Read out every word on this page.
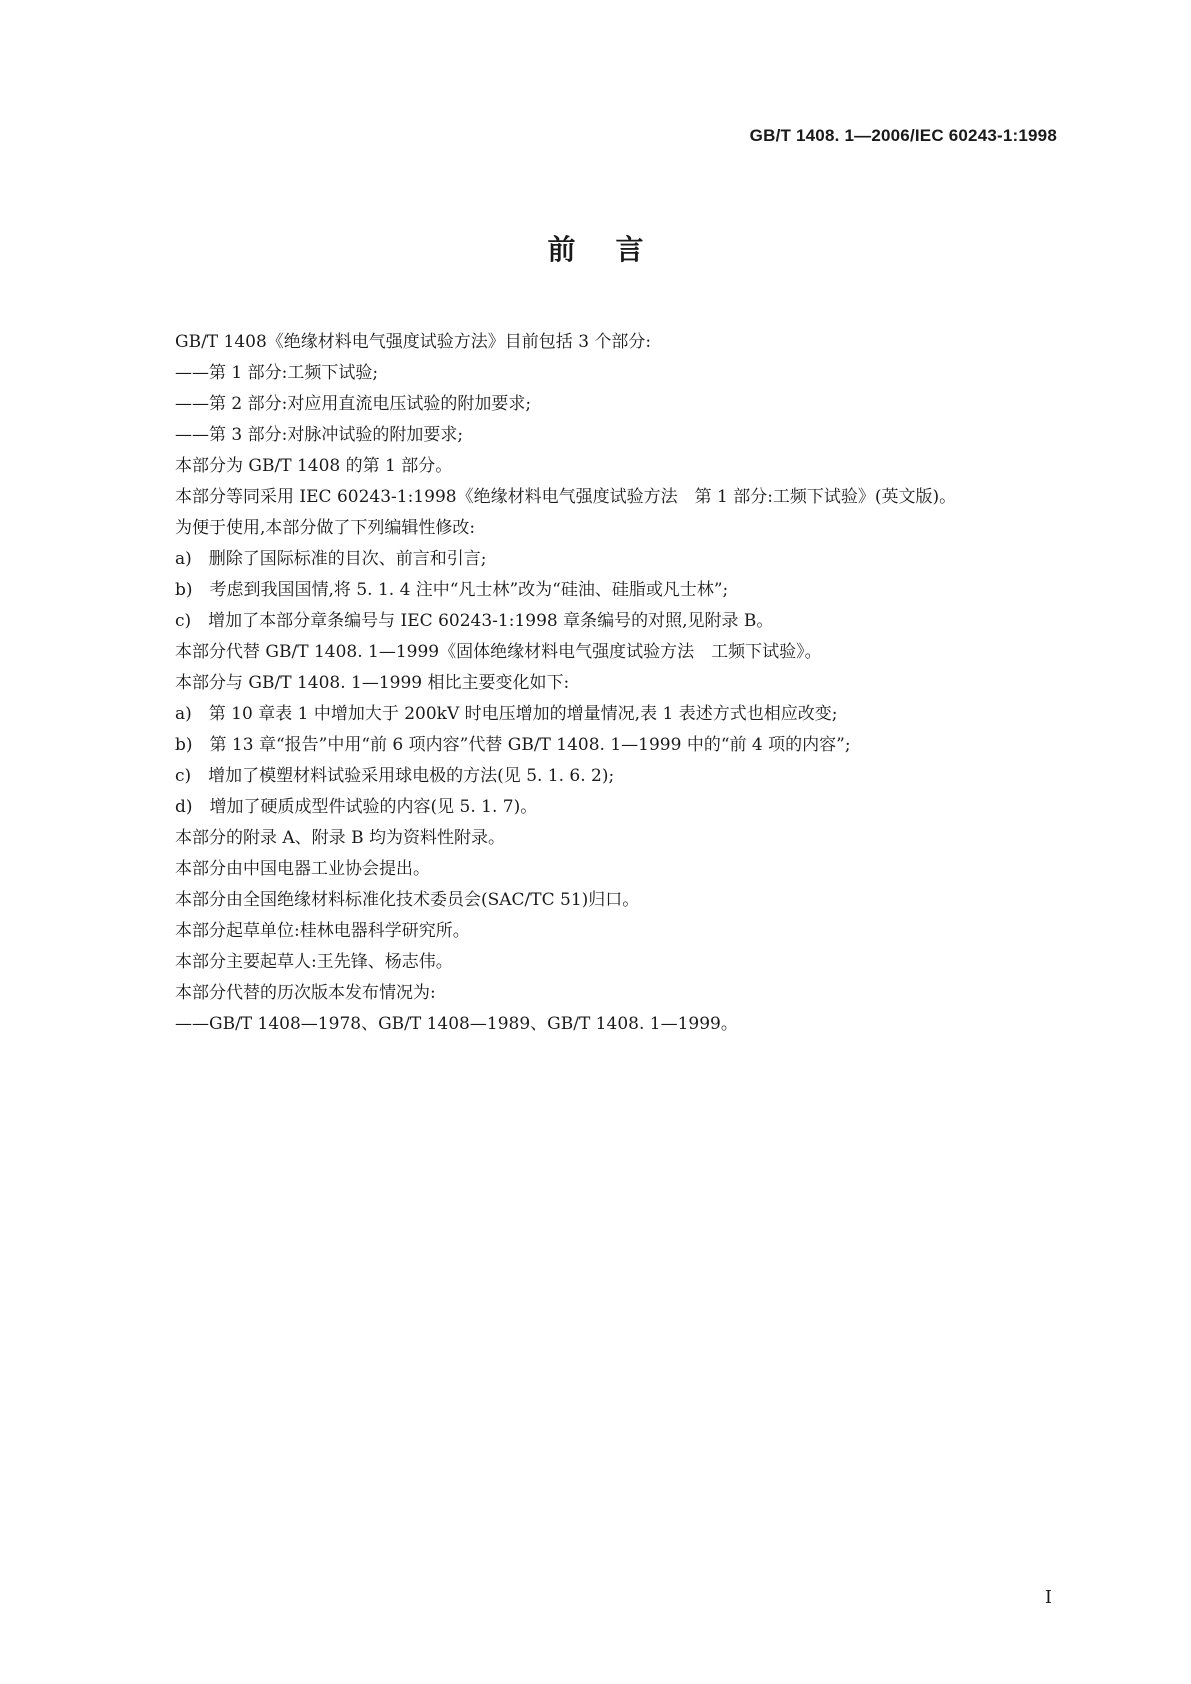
GB/T 1408. 1—2006/IEC 60243-1:1998
前言

GB/T 1408《绝缘材料电气强度试验方法》目前包括 3 个部分:

——第 1 部分:工频下试验;

——第 2 部分:对应用直流电压试验的附加要求;

——第 3 部分:对脉冲试验的附加要求;

本部分为 GB/T 1408 的第 1 部分。

本部分等同采用 IEC 60243-1:1998《绝缘材料电气强度试验方法　第 1 部分:工频下试验》(英文版)。

为便于使用,本部分做了下列编辑性修改:

a)　删除了国际标准的目次、前言和引言;

b)　考虑到我国国情,将 5. 1. 4 注中“凡士林”改为“硅油、硅脂或凡士林”;

c)　增加了本部分章条编号与 IEC 60243-1:1998 章条编号的对照,见附录 B。

本部分代替 GB/T 1408. 1—1999《固体绝缘材料电气强度试验方法　工频下试验》。

本部分与 GB/T 1408. 1—1999 相比主要变化如下:

a)　第 10 章表 1 中增加大于 200kV 时电压增加的增量情况,表 1 表述方式也相应改变;

b)　第 13 章“报告”中用“前 6 项内容”代替 GB/T 1408. 1—1999 中的“前 4 项的内容”;

c)　增加了模塑材料试验采用球电极的方法(见 5. 1. 6. 2);

d)　增加了硬质成型件试验的内容(见 5. 1. 7)。

本部分的附录 A、附录 B 均为资料性附录。

本部分由中国电器工业协会提出。

本部分由全国绝缘材料标准化技术委员会(SAC/TC 51)归口。

本部分起草单位:桂林电器科学研究所。

本部分主要起草人:王先锋、杨志伟。

本部分代替的历次版本发布情况为:

——GB/T 1408—1978、GB/T 1408—1989、GB/T 1408. 1—1999。

I
